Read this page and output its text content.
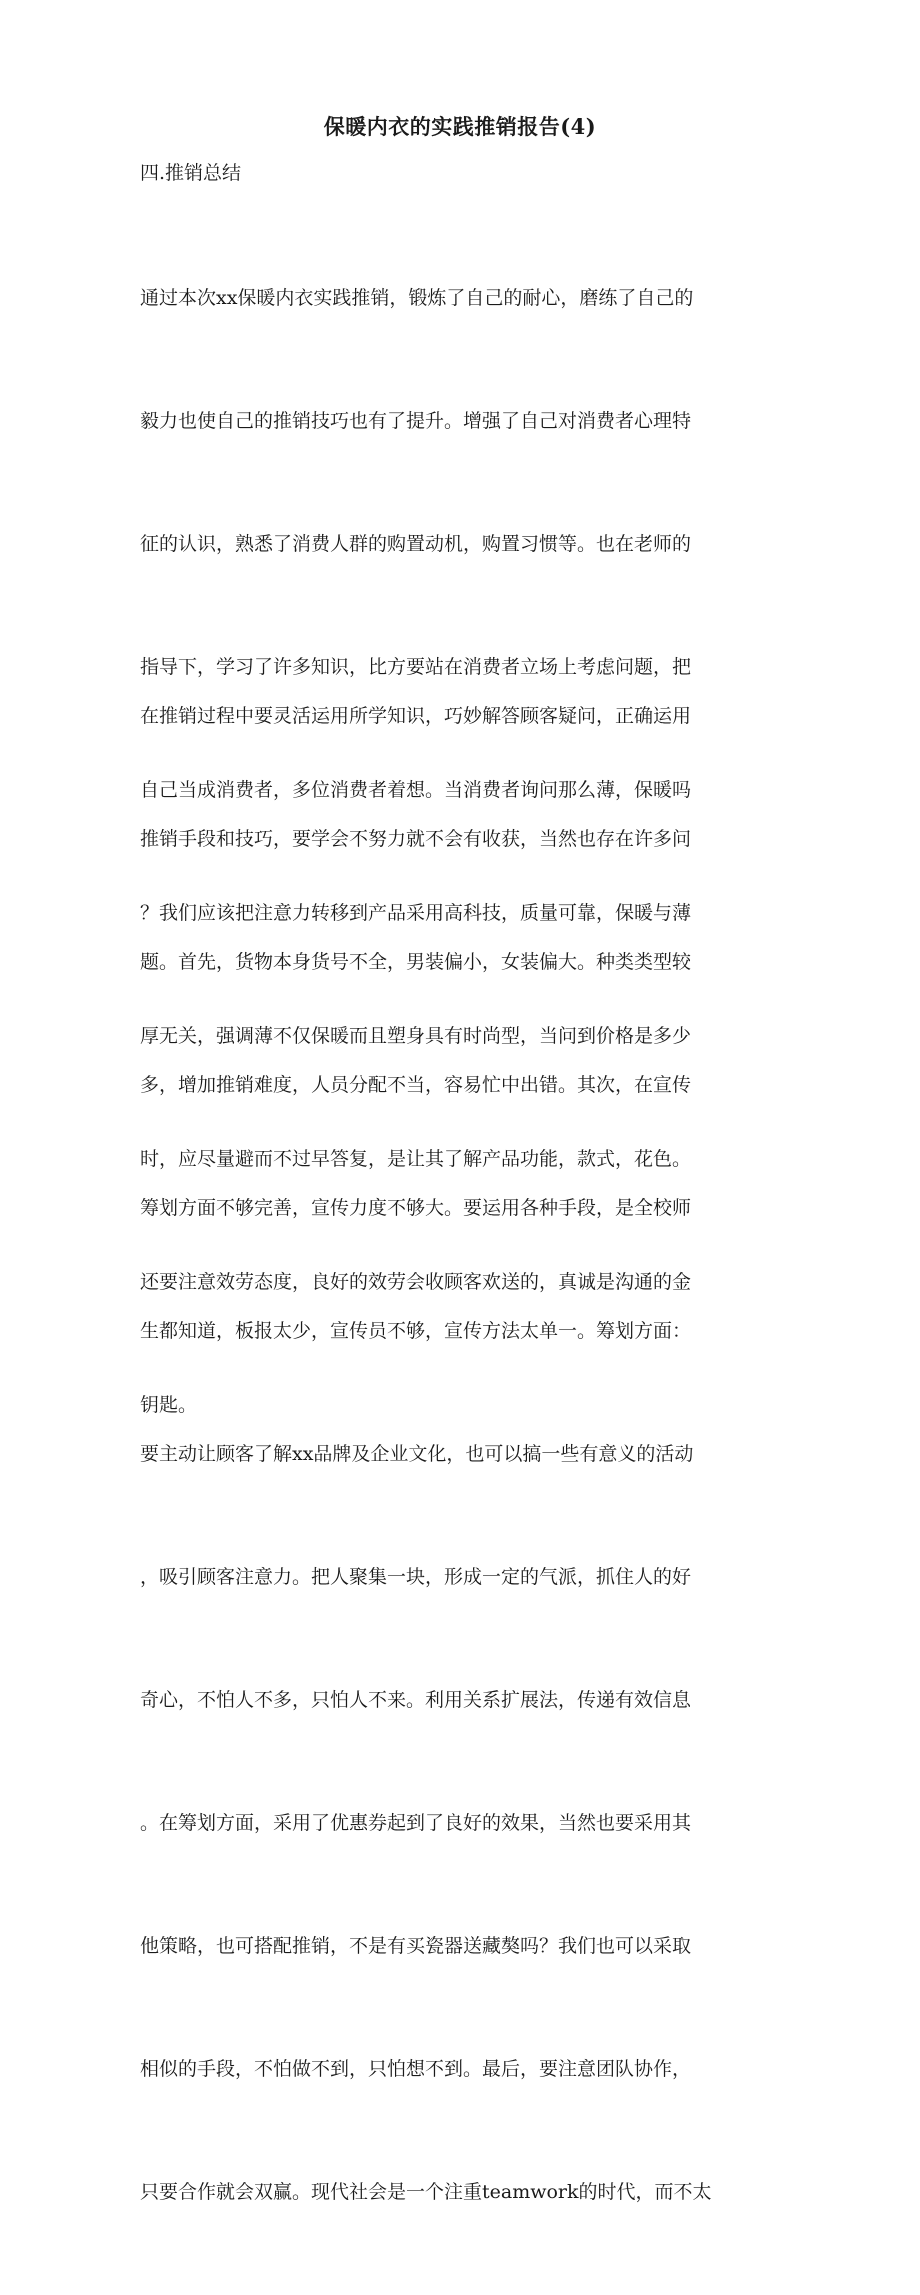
保暖内衣的实践推销报告(4)
四.推销总结

通过本次xx保暖内衣实践推销，锻炼了自己的耐心，磨练了自己的

毅力也使自己的推销技巧也有了提升。增强了自己对消费者心理特

征的认识，熟悉了消费人群的购置动机，购置习惯等。也在老师的

指导下，学习了许多知识，比方要站在消费者立场上考虑问题，把

自己当成消费者，多位消费者着想。当消费者询问那么薄，保暖吗

？我们应该把注意力转移到产品采用高科技，质量可靠，保暖与薄

厚无关，强调薄不仅保暖而且塑身具有时尚型，当问到价格是多少

时，应尽量避而不过早答复，是让其了解产品功能，款式，花色。

还要注意效劳态度，良好的效劳会收顾客欢送的，真诚是沟通的金

钥匙。

在推销过程中要灵活运用所学知识，巧妙解答顾客疑问，正确运用

推销手段和技巧，要学会不努力就不会有收获，当然也存在许多问

题。首先，货物本身货号不全，男装偏小，女装偏大。种类类型较

多，增加推销难度，人员分配不当，容易忙中出错。其次，在宣传

筹划方面不够完善，宣传力度不够大。要运用各种手段，是全校师

生都知道，板报太少，宣传员不够，宣传方法太单一。筹划方面：

要主动让顾客了解xx品牌及企业文化，也可以搞一些有意义的活动

，吸引顾客注意力。把人聚集一块，形成一定的气派，抓住人的好

奇心，不怕人不多，只怕人不来。利用关系扩展法，传递有效信息

。在筹划方面，采用了优惠券起到了良好的效果，当然也要采用其

他策略，也可搭配推销，不是有买瓷器送藏獒吗？我们也可以采取

相似的手段，不怕做不到，只怕想不到。最后，要注意团队协作，

只要合作就会双赢。现代社会是一个注重teamwork的时代，而不太
